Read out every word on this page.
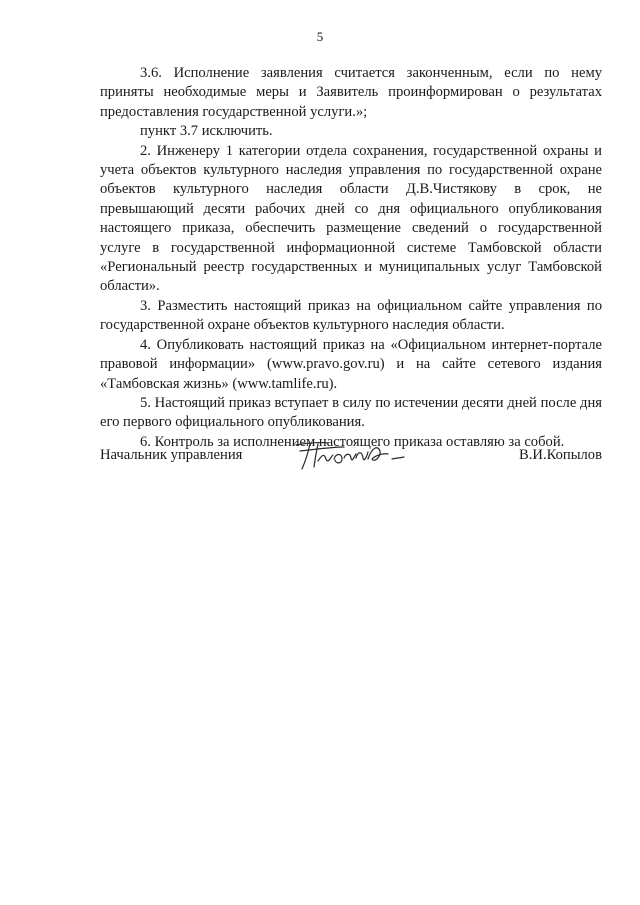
5

3.6. Исполнение заявления считается законченным, если по нему приняты необходимые меры и Заявитель проинформирован о результатах предоставления государственной услуги.»;

пункт 3.7 исключить.

2. Инженеру 1 категории отдела сохранения, государственной охраны и учета объектов культурного наследия управления по государственной охране объектов культурного наследия области Д.В.Чистякову в срок, не превышающий десяти рабочих дней со дня официального опубликования настоящего приказа, обеспечить размещение сведений о государственной услуге в государственной информационной системе Тамбовской области «Региональный реестр государственных и муниципальных услуг Тамбовской области».

3. Разместить настоящий приказ на официальном сайте управления по государственной охране объектов культурного наследия области.

4. Опубликовать настоящий приказ на «Официальном интернет-портале правовой информации» (www.pravo.gov.ru) и на сайте сетевого издания «Тамбовская жизнь» (www.tamlife.ru).

5. Настоящий приказ вступает в силу по истечении десяти дней после дня его первого официального опубликования.

6. Контроль за исполнением настоящего приказа оставляю за собой.

Начальник управления	В.И.Копылов
